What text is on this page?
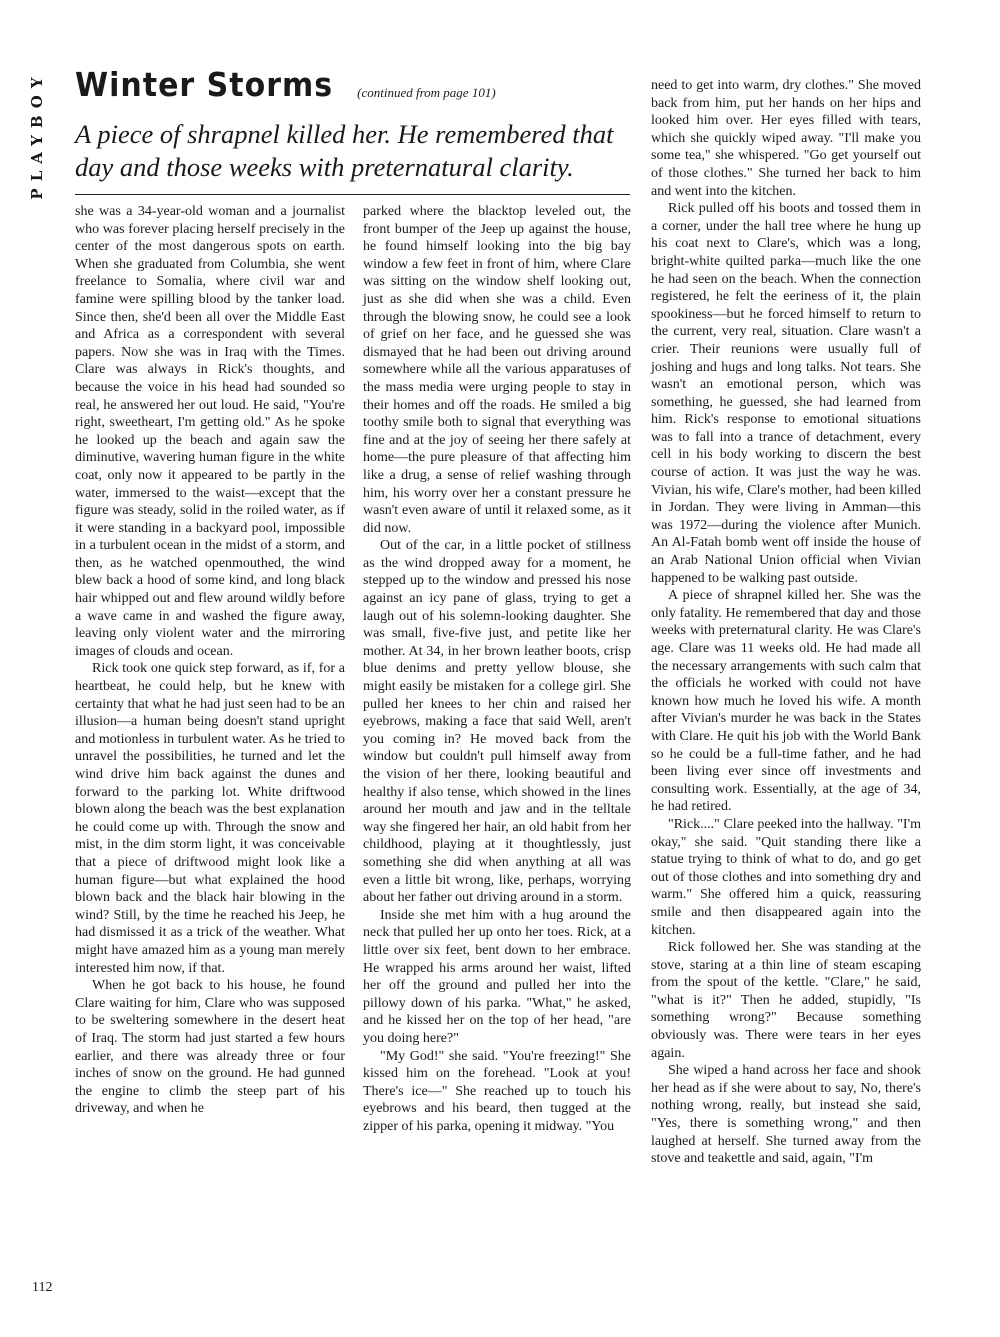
PLAYBOY
112
Winter Storms (continued from page 101)
A piece of shrapnel killed her. He remembered that day and those weeks with preternatural clarity.

she was a 34-year-old woman and a journalist who was forever placing herself precisely in the center of the most dangerous spots on earth. When she graduated from Columbia, she went freelance to Somalia, where civil war and famine were spilling blood by the tanker load. Since then, she'd been all over the Middle East and Africa as a correspondent with several papers. Now she was in Iraq with the Times. Clare was always in Rick's thoughts, and because the voice in his head had sounded so real, he answered her out loud. He said, "You're right, sweetheart, I'm getting old." As he spoke he looked up the beach and again saw the diminutive, wavering human figure in the white coat, only now it appeared to be partly in the water, immersed to the waist—except that the figure was steady, solid in the roiled water, as if it were standing in a backyard pool, impossible in a turbulent ocean in the midst of a storm, and then, as he watched openmouthed, the wind blew back a hood of some kind, and long black hair whipped out and flew around wildly before a wave came in and washed the figure away, leaving only violent water and the mirroring images of clouds and ocean.

Rick took one quick step forward, as if, for a heartbeat, he could help, but he knew with certainty that what he had just seen had to be an illusion—a human being doesn't stand upright and motionless in turbulent water. As he tried to unravel the possibilities, he turned and let the wind drive him back against the dunes and forward to the parking lot. White driftwood blown along the beach was the best explanation he could come up with. Through the snow and mist, in the dim storm light, it was conceivable that a piece of driftwood might look like a human figure—but what explained the hood blown back and the black hair blowing in the wind? Still, by the time he reached his Jeep, he had dismissed it as a trick of the weather. What might have amazed him as a young man merely interested him now, if that.

When he got back to his house, he found Clare waiting for him, Clare who was supposed to be sweltering somewhere in the desert heat of Iraq. The storm had just started a few hours earlier, and there was already three or four inches of snow on the ground. He had gunned the engine to climb the steep part of his driveway, and when he

parked where the blacktop leveled out, the front bumper of the Jeep up against the house, he found himself looking into the big bay window a few feet in front of him, where Clare was sitting on the window shelf looking out, just as she did when she was a child. Even through the blowing snow, he could see a look of grief on her face, and he guessed she was dismayed that he had been out driving around somewhere while all the various apparatuses of the mass media were urging people to stay in their homes and off the roads. He smiled a big toothy smile both to signal that everything was fine and at the joy of seeing her there safely at home—the pure pleasure of that affecting him like a drug, a sense of relief washing through him, his worry over her a constant pressure he wasn't even aware of until it relaxed some, as it did now.

Out of the car, in a little pocket of stillness as the wind dropped away for a moment, he stepped up to the window and pressed his nose against an icy pane of glass, trying to get a laugh out of his solemn-looking daughter. She was small, five-five just, and petite like her mother. At 34, in her brown leather boots, crisp blue denims and pretty yellow blouse, she might easily be mistaken for a college girl. She pulled her knees to her chin and raised her eyebrows, making a face that said Well, aren't you coming in? He moved back from the window but couldn't pull himself away from the vision of her there, looking beautiful and healthy if also tense, which showed in the lines around her mouth and jaw and in the telltale way she fingered her hair, an old habit from her childhood, playing at it thoughtlessly, just something she did when anything at all was even a little bit wrong, like, perhaps, worrying about her father out driving around in a storm.

Inside she met him with a hug around the neck that pulled her up onto her toes. Rick, at a little over six feet, bent down to her embrace. He wrapped his arms around her waist, lifted her off the ground and pulled her into the pillowy down of his parka. "What," he asked, and he kissed her on the top of her head, "are you doing here?"

"My God!" she said. "You're freezing!" She kissed him on the forehead. "Look at you! There's ice—" She reached up to touch his eyebrows and his beard, then tugged at the zipper of his parka, opening it midway. "You

need to get into warm, dry clothes." She moved back from him, put her hands on her hips and looked him over. Her eyes filled with tears, which she quickly wiped away. "I'll make you some tea," she whispered. "Go get yourself out of those clothes." She turned her back to him and went into the kitchen.

Rick pulled off his boots and tossed them in a corner, under the hall tree where he hung up his coat next to Clare's, which was a long, bright-white quilted parka—much like the one he had seen on the beach. When the connection registered, he felt the eeriness of it, the plain spookiness—but he forced himself to return to the current, very real, situation. Clare wasn't a crier. Their reunions were usually full of joshing and hugs and long talks. Not tears. She wasn't an emotional person, which was something, he guessed, she had learned from him. Rick's response to emotional situations was to fall into a trance of detachment, every cell in his body working to discern the best course of action. It was just the way he was. Vivian, his wife, Clare's mother, had been killed in Jordan. They were living in Amman—this was 1972—during the violence after Munich. An Al-Fatah bomb went off inside the house of an Arab National Union official when Vivian happened to be walking past outside.

A piece of shrapnel killed her. She was the only fatality. He remembered that day and those weeks with preternatural clarity. He was Clare's age. Clare was 11 weeks old. He had made all the necessary arrangements with such calm that the officials he worked with could not have known how much he loved his wife. A month after Vivian's murder he was back in the States with Clare. He quit his job with the World Bank so he could be a full-time father, and he had been living ever since off investments and consulting work. Essentially, at the age of 34, he had retired.

"Rick...." Clare peeked into the hallway. "I'm okay," she said. "Quit standing there like a statue trying to think of what to do, and go get out of those clothes and into something dry and warm." She offered him a quick, reassuring smile and then disappeared again into the kitchen.

Rick followed her. She was standing at the stove, staring at a thin line of steam escaping from the spout of the kettle. "Clare," he said, "what is it?" Then he added, stupidly, "Is something wrong?" Because something obviously was. There were tears in her eyes again.

She wiped a hand across her face and shook her head as if she were about to say, No, there's nothing wrong, really, but instead she said, "Yes, there is something wrong," and then laughed at herself. She turned away from the stove and teakettle and said, again, "I'm
